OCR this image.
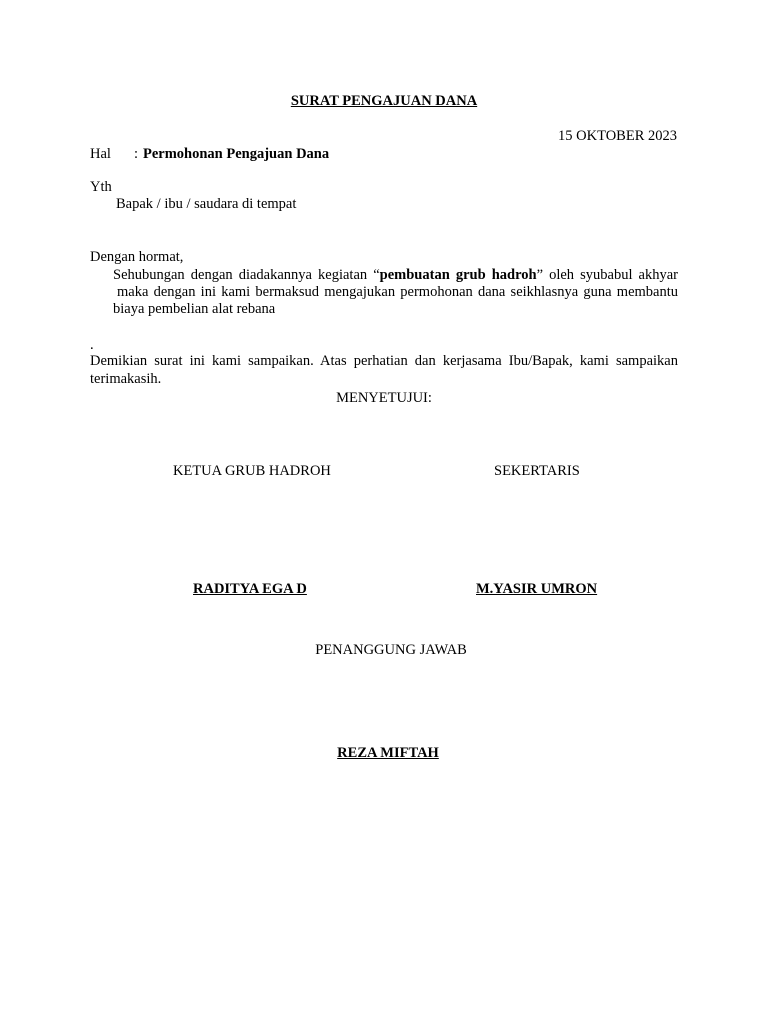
SURAT PENGAJUAN DANA
15 OKTOBER 2023
Hal : Permohonan Pengajuan Dana
Yth
Bapak / ibu / saudara di tempat
Dengan hormat,
Sehubungan dengan diadakannya kegiatan “pembuatan grub hadroh” oleh syubabul akhyar
maka dengan ini kami bermaksud mengajukan permohonan dana seikhlasnya guna membantu
biaya pembelian alat rebana
.
Demikian surat ini kami sampaikan. Atas perhatian dan kerjasama Ibu/Bapak, kami sampaikan
terimakasih.
MENYETUJUI:
KETUA GRUB HADROH	SEKERTARIS
RADITYA EGA D	M.YASIR UMRON
PENANGGUNG JAWAB
REZA MIFTAH
